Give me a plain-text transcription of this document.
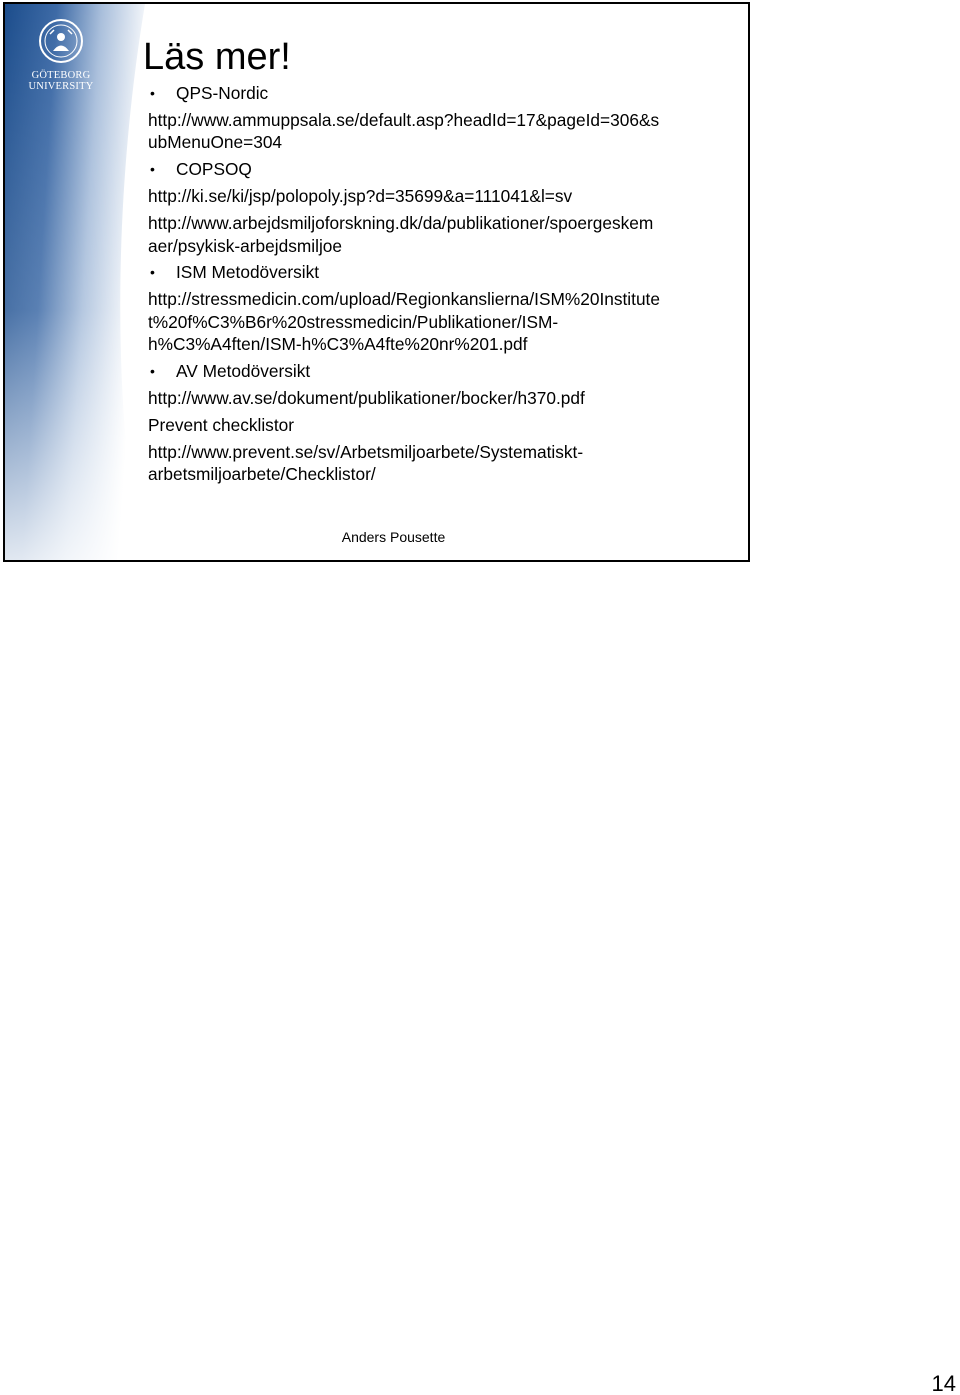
GÖTEBORG
UNIVERSITY
Läs mer!
• QPS-Nordic
http://www.ammuppsala.se/default.asp?headId=17&pageId=306&s
ubMenuOne=304
• COPSOQ
http://ki.se/ki/jsp/polopoly.jsp?d=35699&a=111041&l=sv
http://www.arbejdsmiljoforskning.dk/da/publikationer/spoergeskem
aer/psykisk-arbejdsmiljoe
• ISM Metodöversikt
http://stressmedicin.com/upload/Regionkanslierna/ISM%20Institute
t%20f%C3%B6r%20stressmedicin/Publikationer/ISM-
h%C3%A4ften/ISM-h%C3%A4fte%20nr%201.pdf
• AV Metodöversikt
http://www.av.se/dokument/publikationer/bocker/h370.pdf
Prevent checklistor
http://www.prevent.se/sv/Arbetsmiljoarbete/Systematiskt-
arbetsmiljoarbete/Checklistor/
Anders Pousette
14
